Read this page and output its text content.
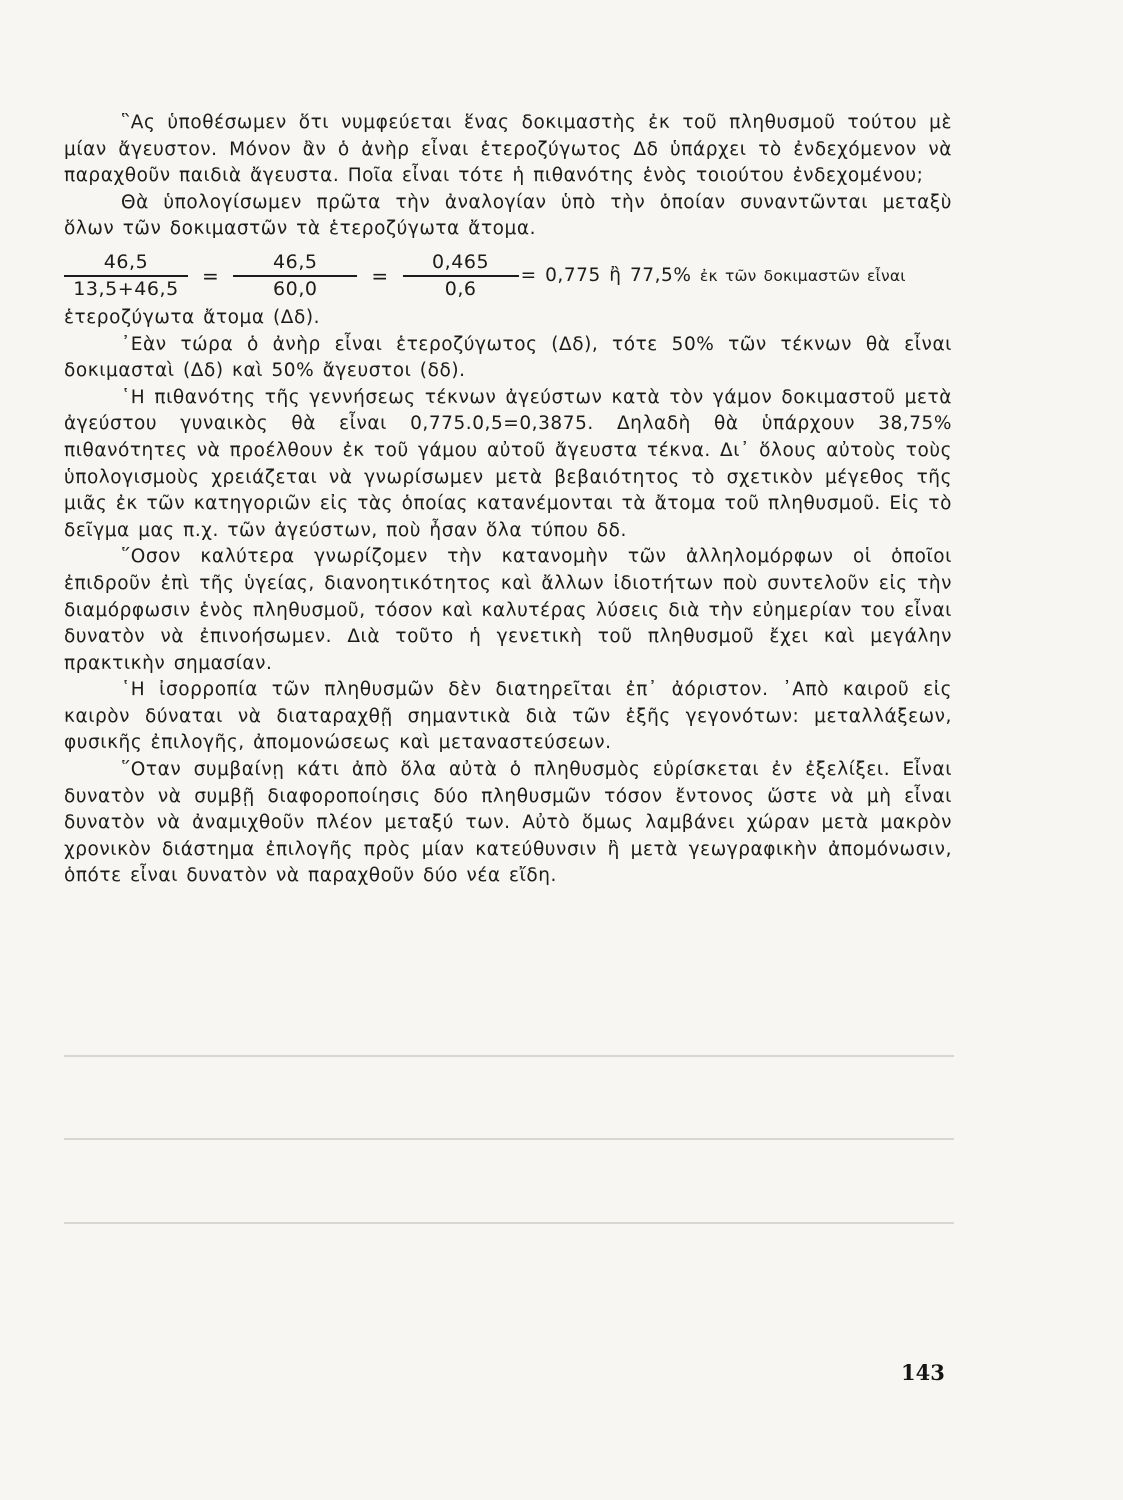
῝Ας ὑποθέσωμεν ὅτι νυμφεύεται ἕνας δοκιμαστὴς ἐκ τοῦ πληθυσμοῦ τούτου μὲ μίαν ἄγευστον. Μόνον ἂν ὁ ἀνὴρ εἶναι ἑτεροζύγωτος Δδ ὑπάρχει τὸ ἐνδεχόμενον νὰ παραχθοῦν παιδιὰ ἄγευστα. Ποῖα εἶναι τότε ἡ πιθανότης ἑνὸς τοιούτου ἐνδεχομένου;

Θὰ ὑπολογίσωμεν πρῶτα τὴν ἀναλογίαν ὑπὸ τὴν ὁποίαν συναντῶνται μεταξὺ ὅλων τῶν δοκιμαστῶν τὰ ἑτεροζύγωτα ἄτομα.

$\frac{46,5}{13,5+46,5} = \frac{46,5}{60,0} = \frac{0,465}{0,6} = 0,775$ ἢ 77,5% ἐκ τῶν δοκιμαστῶν εἶναι

ἑτεροζύγωτα ἄτομα (Δδ).

᾿Εὰν τώρα ὁ ἀνὴρ εἶναι ἑτεροζύγωτος (Δδ), τότε 50% τῶν τέκνων θὰ εἶναι δοκιμασταὶ (Δδ) καὶ 50% ἄγευστοι (δδ).

῾Η πιθανότης τῆς γεννήσεως τέκνων ἀγεύστων κατὰ τὸν γάμον δοκιμαστοῦ μετὰ ἀγεύστου γυναικὸς θὰ εἶναι 0,775.0,5=0,3875. Δηλαδὴ θὰ ὑπάρχουν 38,75% πιθανότητες νὰ προέλθουν ἐκ τοῦ γάμου αὐτοῦ ἄγευστα τέκνα. Δι᾿ ὅλους αὐτοὺς τοὺς ὑπολογισμοὺς χρειάζεται νὰ γνωρίσωμεν μετὰ βεβαιότητος τὸ σχετικὸν μέγεθος τῆς μιᾶς ἐκ τῶν κατηγοριῶν εἰς τὰς ὁποίας κατανέμονται τὰ ἄτομα τοῦ πληθυσμοῦ. Εἰς τὸ δεῖγμα μας π.χ. τῶν ἀγεύστων, ποὺ ἦσαν ὅλα τύπου δδ.

῞Οσον καλύτερα γνωρίζομεν τὴν κατανομὴν τῶν ἀλληλομόρφων οἱ ὁποῖοι ἐπιδροῦν ἐπὶ τῆς ὑγείας, διανοητικότητος καὶ ἄλλων ἰδιοτήτων ποὺ συντελοῦν εἰς τὴν διαμόρφωσιν ἑνὸς πληθυσμοῦ, τόσον καὶ καλυτέρας λύσεις διὰ τὴν εὐημερίαν του εἶναι δυνατὸν νὰ ἐπινοήσωμεν. Διὰ τοῦτο ἡ γενετικὴ τοῦ πληθυσμοῦ ἔχει καὶ μεγάλην πρακτικὴν σημασίαν.

῾Η ἰσορροπία τῶν πληθυσμῶν δὲν διατηρεῖται ἐπ᾿ ἀόριστον. ᾿Απὸ καιροῦ εἰς καιρὸν δύναται νὰ διαταραχθῇ σημαντικὰ διὰ τῶν ἑξῆς γεγονότων: μεταλλάξεων, φυσικῆς ἐπιλογῆς, ἀπομονώσεως καὶ μεταναστεύσεων.

῞Οταν συμβαίνῃ κάτι ἀπὸ ὅλα αὐτὰ ὁ πληθυσμὸς εὑρίσκεται ἐν ἐξελίξει. Εἶναι δυνατὸν νὰ συμβῇ διαφοροποίησις δύο πληθυσμῶν τόσον ἔντονος ὥστε νὰ μὴ εἶναι δυνατὸν νὰ ἀναμιχθοῦν πλέον μεταξύ των. Αὐτὸ ὅμως λαμβάνει χώραν μετὰ μακρὸν χρονικὸν διάστημα ἐπιλογῆς πρὸς μίαν κατεύθυνσιν ἢ μετὰ γεωγραφικὴν ἀπομόνωσιν, ὁπότε εἶναι δυνατὸν νὰ παραχθοῦν δύο νέα εἴδη.

143
